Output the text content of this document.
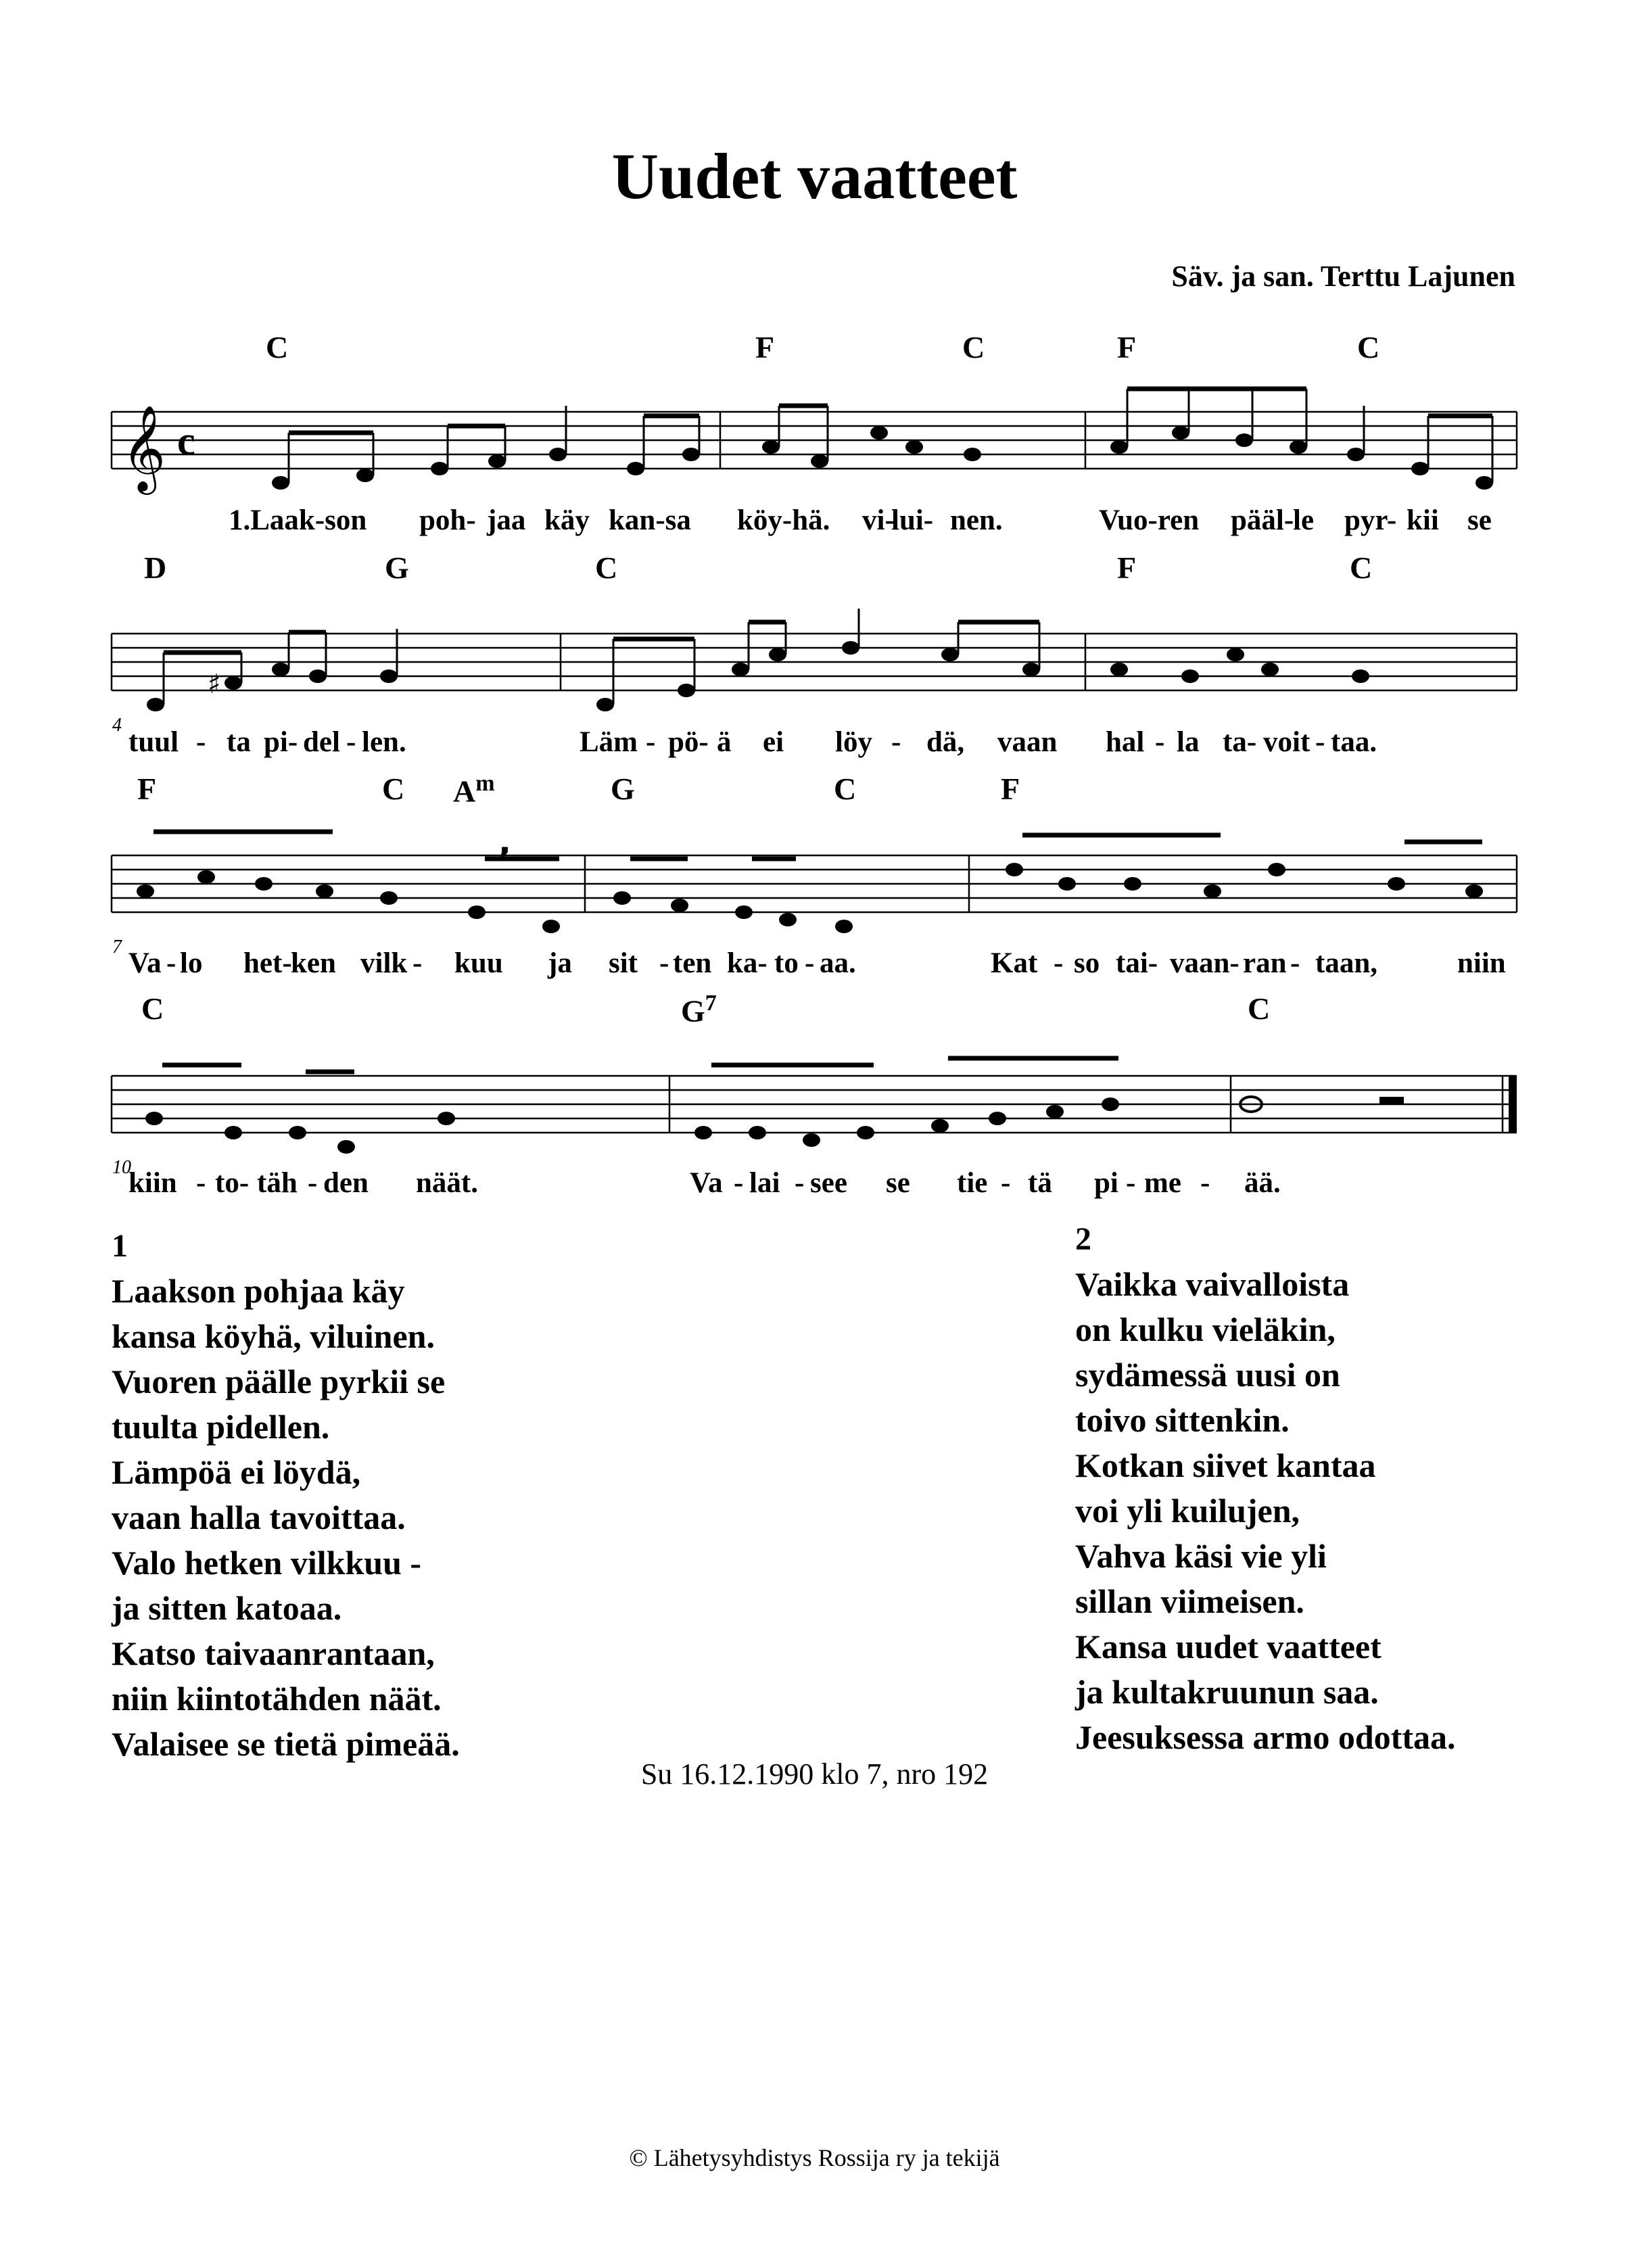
Uudet vaatteet
Säv. ja san. Terttu Lajunen
C	F	C	F	C
D	G	C	F	C
F	C $A^m$	G	C	F
C	$G^7$	C
𝄞 c
♯
,
4
7
10
1.Laak-son poh- jaa käy kan-sa köy-hä. vi-
lui- nen.	Vuo-ren pääl-
le pyr- kii se
tuul - ta pi- del - len.	Läm - pö- ä ei löy - dä, vaan hal - la ta- voit - taa.
Va - lo het-
ken vilk - kuu ja sit - ten ka- to - aa.	Kat - so tai- vaan- ran - taan,	niin
kiin - to- täh - den näät.	Va - lai - see se tie - tä pi - me - ää.
1
Laakson pohjaa käy
kansa köyhä, viluinen.
Vuoren päälle pyrkii se
tuulta pidellen.
Lämpöä ei löydä,
vaan halla tavoittaa.
Valo hetken vilkkuu -
ja sitten katoaa.
Katso taivaanrantaan,
niin kiintotähden näät.
Valaisee se tietä pimeää.
2
Vaikka vaivalloista
on kulku vieläkin,
sydämessä uusi on
toivo sittenkin.
Kotkan siivet kantaa
voi yli kuilujen,
Vahva käsi vie yli
sillan viimeisen.
Kansa uudet vaatteet
ja kultakruunun saa.
Jeesuksessa armo odottaa.
Su 16.12.1990 klo 7, nro 192
© Lähetysyhdistys Rossija ry ja tekijä
